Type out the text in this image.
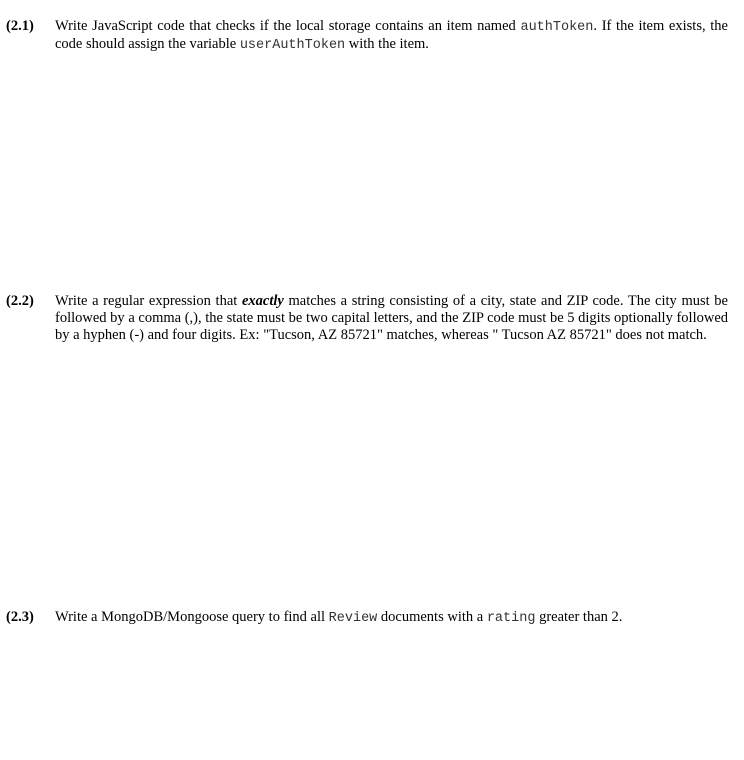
(2.1)	Write JavaScript code that checks if the local storage contains an item named authToken. If the item exists, the code should assign the variable userAuthToken with the item.
(2.2)	Write a regular expression that exactly matches a string consisting of a city, state and ZIP code. The city must be followed by a comma (,), the state must be two capital letters, and the ZIP code must be 5 digits optionally followed by a hyphen (-) and four digits. Ex: "Tucson, AZ 85721" matches, whereas " Tucson AZ 85721" does not match.
(2.3)	Write a MongoDB/Mongoose query to find all Review documents with a rating greater than 2.
